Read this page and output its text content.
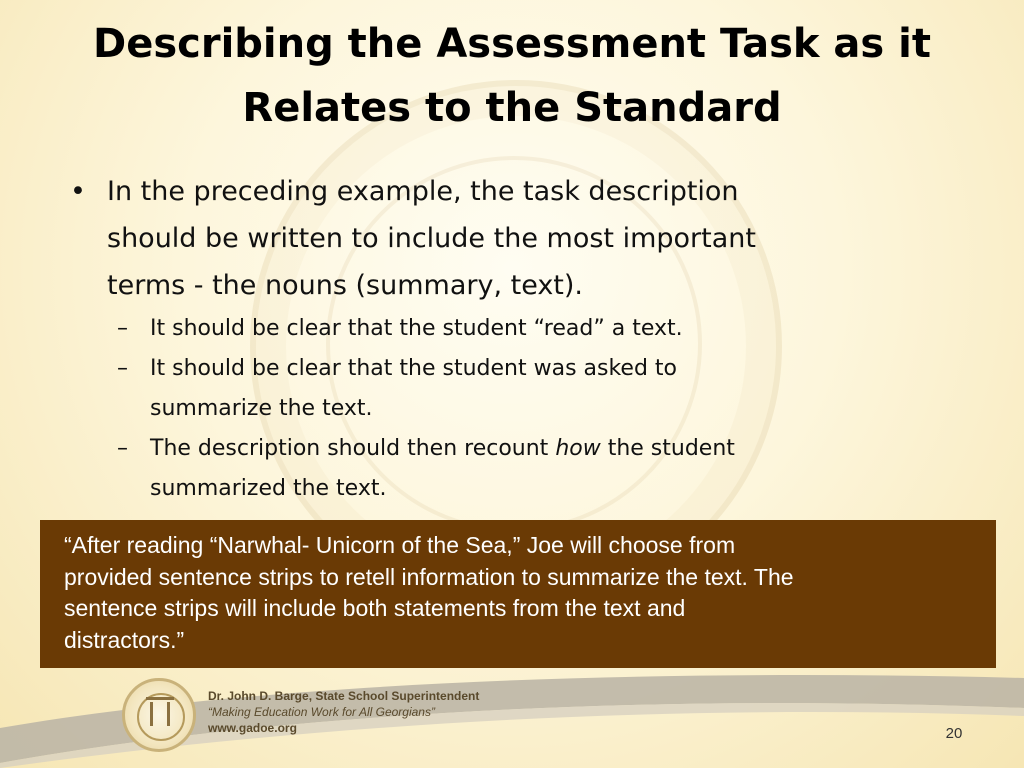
Describing the Assessment Task as it
Relates to the Standard

• In the preceding example, the task description
should be written to include the most important
terms - the nouns (summary, text).

– It should be clear that the student “read” a text.

– It should be clear that the student was asked to
summarize the text.

– The description should then recount how the student
summarized the text.

“After reading “Narwhal- Unicorn of the Sea,” Joe will choose from
provided sentence strips to retell information to summarize the text. The
sentence strips will include both statements from the text and
distractors.”

Dr. John D. Barge, State School Superintendent
“Making Education Work for All Georgians”
www.gadoe.org	20
